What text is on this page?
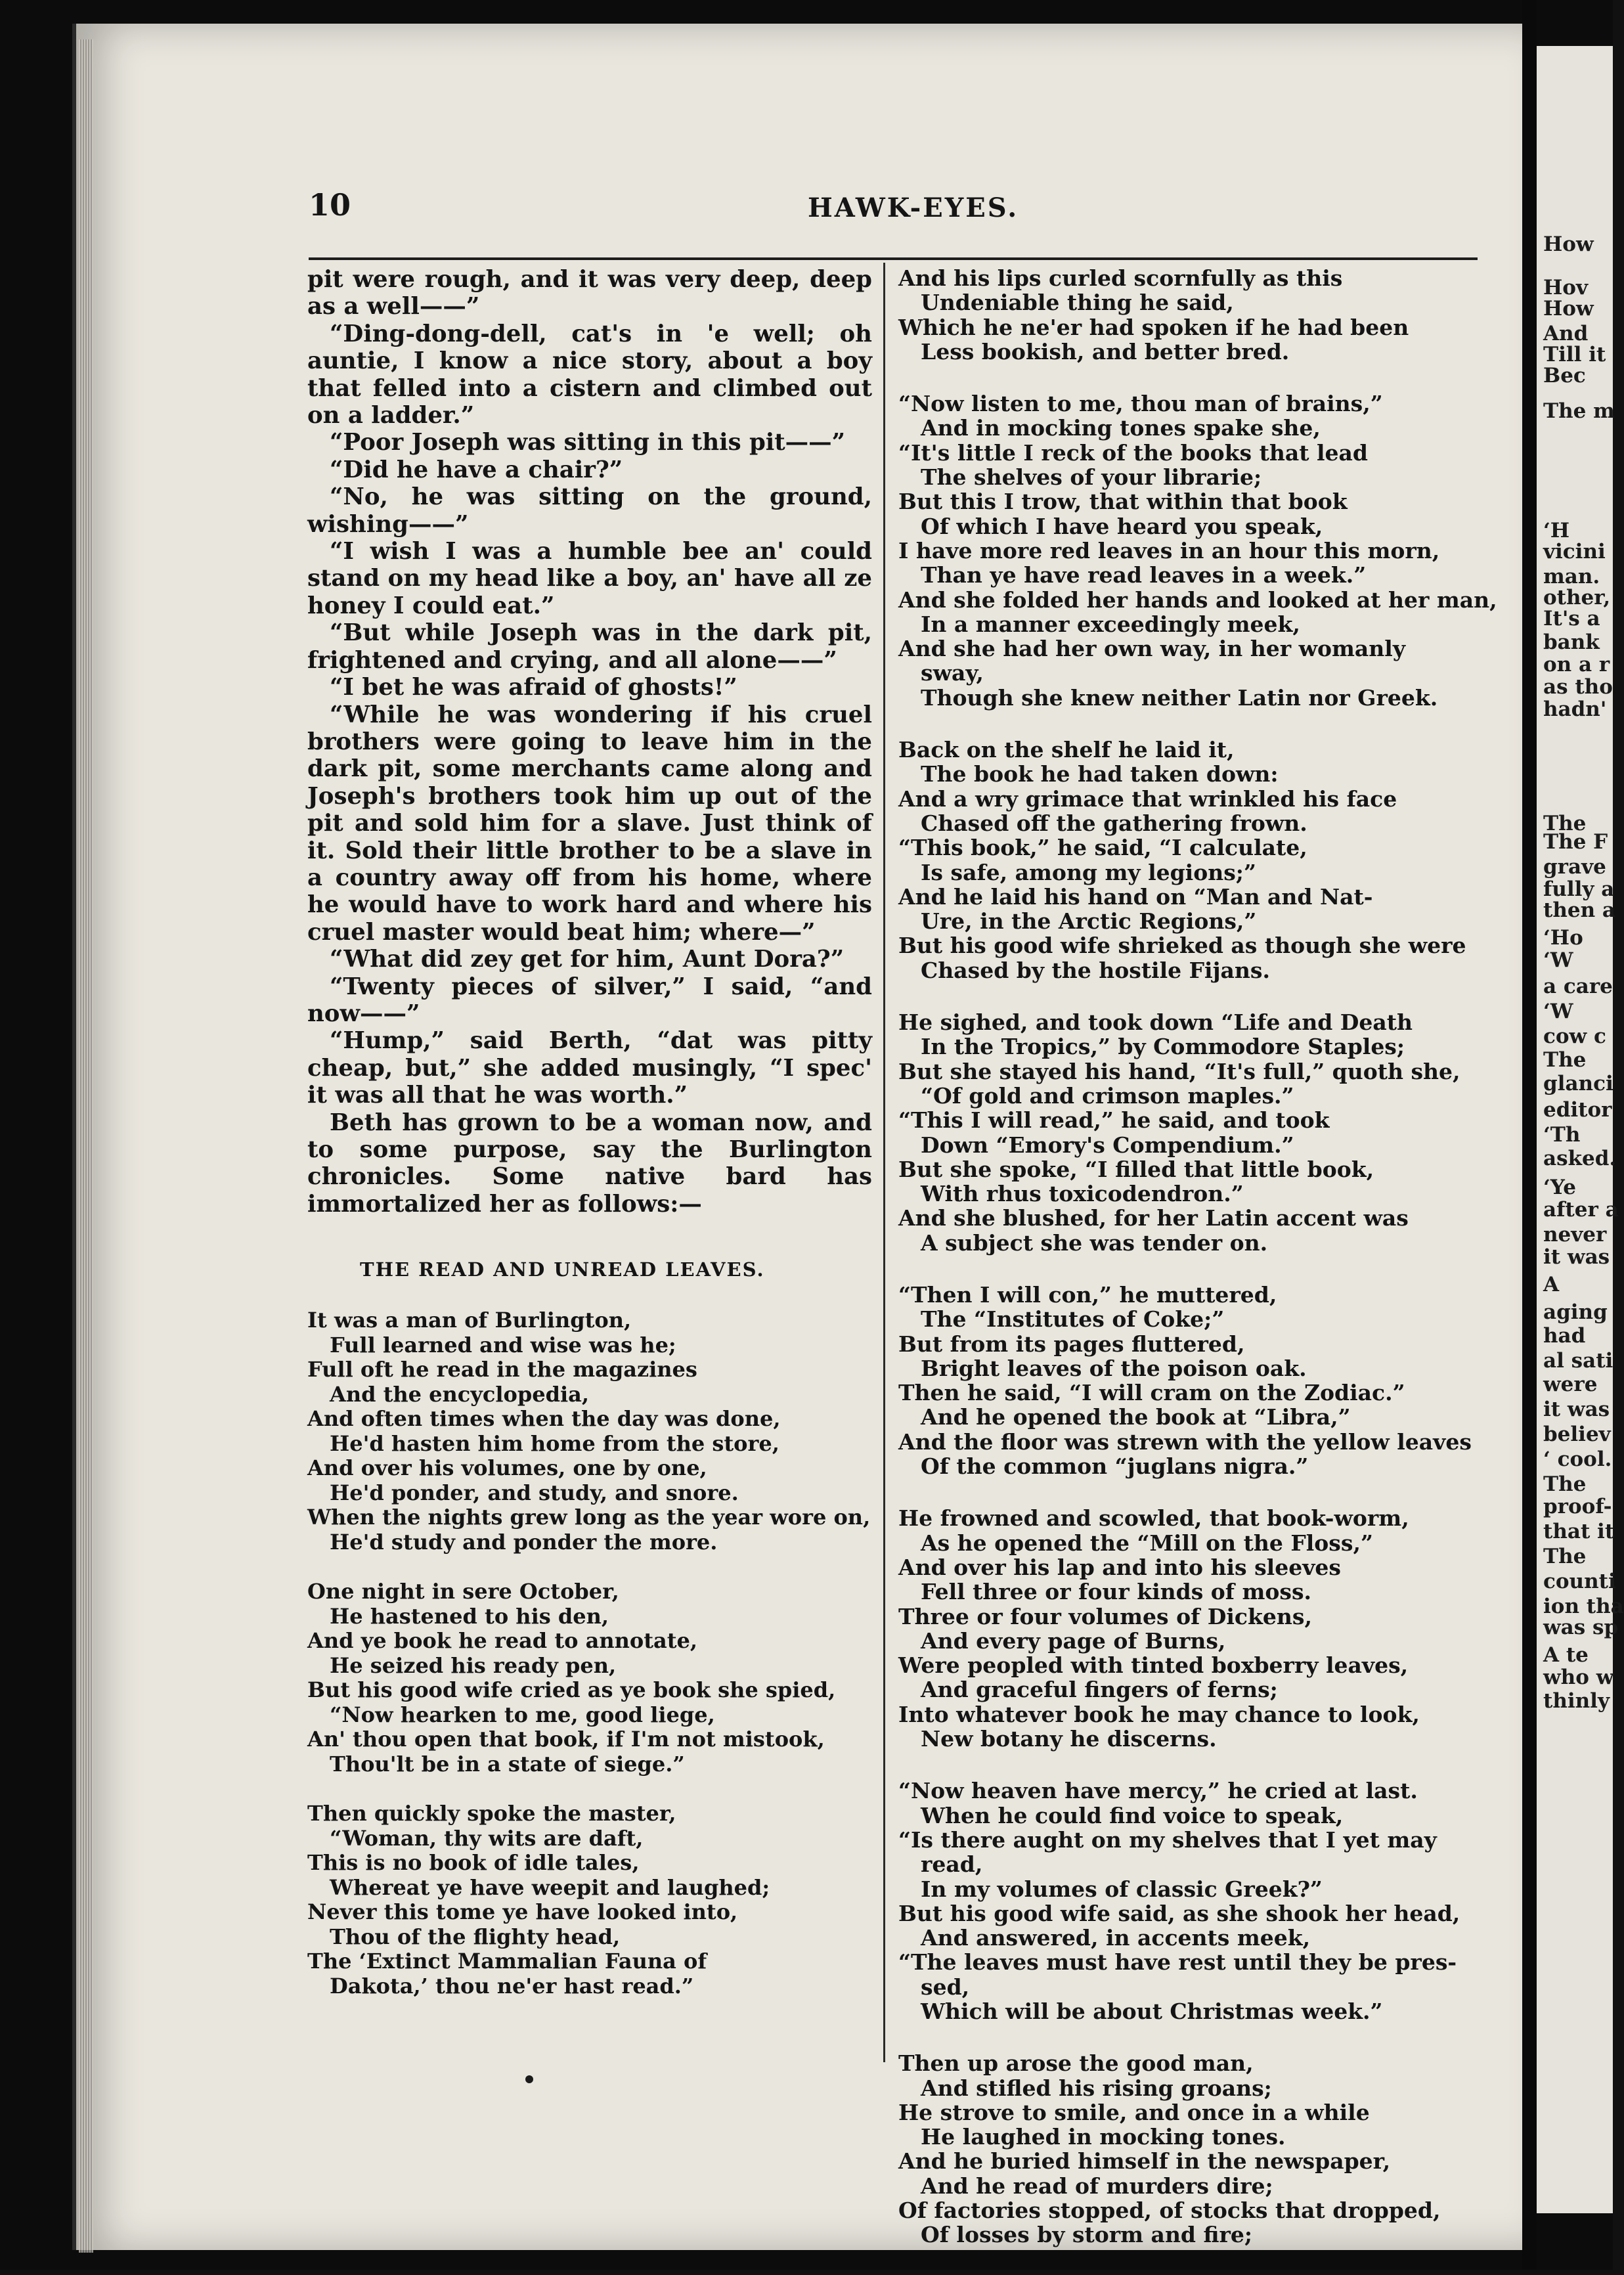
How
Hov
How
And
Till it
Bec
The m
‘H
vicini
man.
other,
It's a
bank
on a r
as tho
hadn'
The
The F
grave
fully a
then a
‘Ho
‘W
a care
‘W
cow c
The
glanci
editor
‘Th
asked.
‘Ye
after a
never
it was
A
aging
had
al sati
were
it was
believ
‘ cool.
The
proof-
that it
The
counti
ion tha
was sp
A te
who w
thinly
10	HAWK-EYES.

pit were rough, and it was very deep, deep as a well——”

“Ding-dong-dell, cat's in 'e well; oh auntie, I know a nice story, about a boy that felled into a cistern and climbed out on a ladder.”

“Poor Joseph was sitting in this pit——”

“Did he have a chair?”

“No, he was sitting on the ground, wishing——”

“I wish I was a humble bee an' could stand on my head like a boy, an' have all ze honey I could eat.”

“But while Joseph was in the dark pit, frightened and crying, and all alone——”

“I bet he was afraid of ghosts!”

“While he was wondering if his cruel brothers were going to leave him in the dark pit, some merchants came along and Joseph's brothers took him up out of the pit and sold him for a slave. Just think of it. Sold their little brother to be a slave in a country away off from his home, where he would have to work hard and where his cruel master would beat him; where—”

“What did zey get for him, Aunt Dora?”

“Twenty pieces of silver,” I said, “and now——”

“Hump,” said Berth, “dat was pitty cheap, but,” she added musingly, “I spec' it was all that he was worth.”

Beth has grown to be a woman now, and to some purpose, say the Burlington chronicles. Some native bard has immortalized her as follows:—

THE READ AND UNREAD LEAVES.
It was a man of Burlington,
Full learned and wise was he;
Full oft he read in the magazines
And the encyclopedia,
And often times when the day was done,
He'd hasten him home from the store,
And over his volumes, one by one,
He'd ponder, and study, and snore.
When the nights grew long as the year wore on,
He'd study and ponder the more.
One night in sere October,
He hastened to his den,
And ye book he read to annotate,
He seized his ready pen,
But his good wife cried as ye book she spied,
“Now hearken to me, good liege,
An' thou open that book, if I'm not mistook,
Thou'lt be in a state of siege.”
Then quickly spoke the master,
“Woman, thy wits are daft,
This is no book of idle tales,
Whereat ye have weepit and laughed;
Never this tome ye have looked into,
Thou of the flighty head,
The ‘Extinct Mammalian Fauna of
Dakota,’ thou ne'er hast read.”
And his lips curled scornfully as this
Undeniable thing he said,
Which he ne'er had spoken if he had been
Less bookish, and better bred.
“Now listen to me, thou man of brains,”
And in mocking tones spake she,
“It's little I reck of the books that lead
The shelves of your librarie;
But this I trow, that within that book
Of which I have heard you speak,
I have more red leaves in an hour this morn,
Than ye have read leaves in a week.”
And she folded her hands and looked at her man,
In a manner exceedingly meek,
And she had her own way, in her womanly
sway,
Though she knew neither Latin nor Greek.
Back on the shelf he laid it,
The book he had taken down:
And a wry grimace that wrinkled his face
Chased off the gathering frown.
“This book,” he said, “I calculate,
Is safe, among my legions;”
And he laid his hand on “Man and Nat-
Ure, in the Arctic Regions,”
But his good wife shrieked as though she were
Chased by the hostile Fijans.
He sighed, and took down “Life and Death
In the Tropics,” by Commodore Staples;
But she stayed his hand, “It's full,” quoth she,
“Of gold and crimson maples.”
“This I will read,” he said, and took
Down “Emory's Compendium.”
But she spoke, “I filled that little book,
With rhus toxicodendron.”
And she blushed, for her Latin accent was
A subject she was tender on.
“Then I will con,” he muttered,
The “Institutes of Coke;”
But from its pages fluttered,
Bright leaves of the poison oak.
Then he said, “I will cram on the Zodiac.”
And he opened the book at “Libra,”
And the floor was strewn with the yellow leaves
Of the common “juglans nigra.”
He frowned and scowled, that book-worm,
As he opened the “Mill on the Floss,”
And over his lap and into his sleeves
Fell three or four kinds of moss.
Three or four volumes of Dickens,
And every page of Burns,
Were peopled with tinted boxberry leaves,
And graceful fingers of ferns;
Into whatever book he may chance to look,
New botany he discerns.
“Now heaven have mercy,” he cried at last.
When he could find voice to speak,
“Is there aught on my shelves that I yet may
read,
In my volumes of classic Greek?”
But his good wife said, as she shook her head,
And answered, in accents meek,
“The leaves must have rest until they be pres-
sed,
Which will be about Christmas week.”
Then up arose the good man,
And stifled his rising groans;
He strove to smile, and once in a while
He laughed in mocking tones.
And he buried himself in the newspaper,
And he read of murders dire;
Of factories stopped, of stocks that dropped,
Of losses by storm and fire;
